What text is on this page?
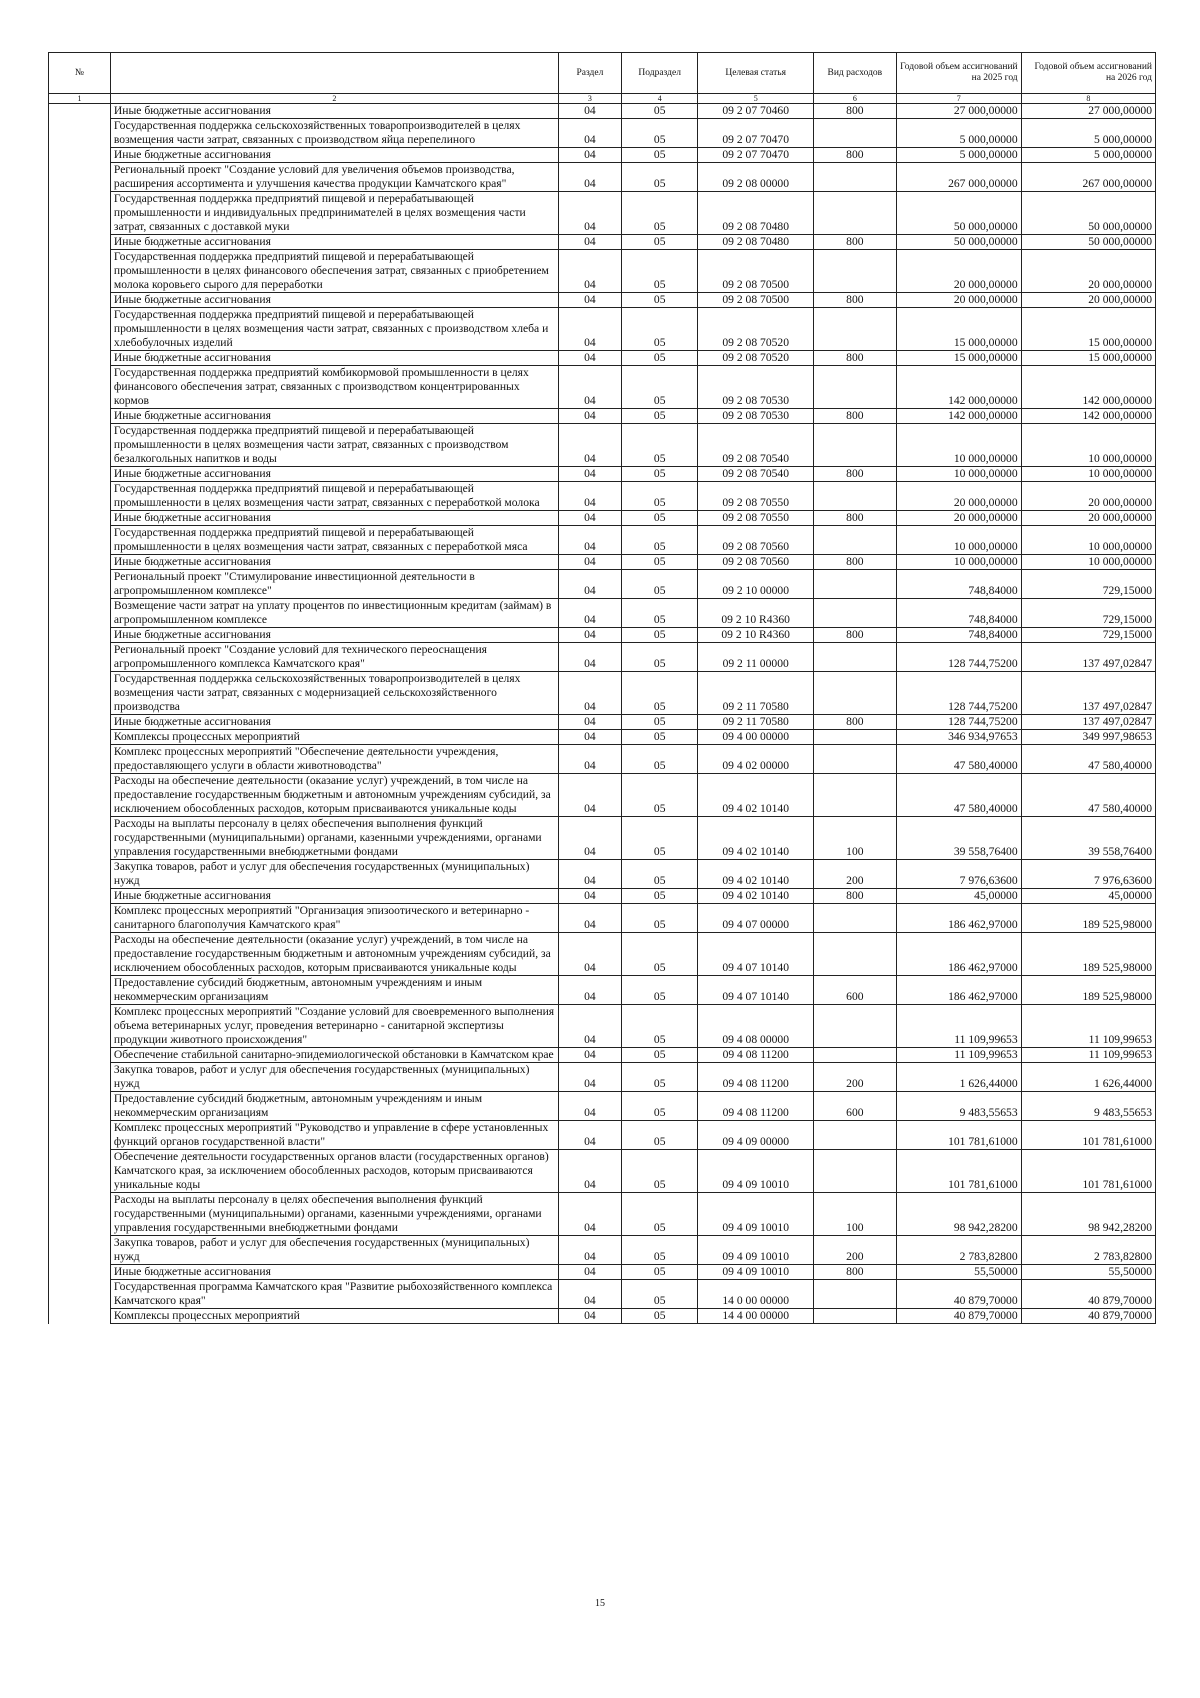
№		Раздел	Подраздел	Целевая статья	Вид расходов	Годовой объем ассигнований на 2025 год	Годовой объем ассигнований на 2026 год
1	2	3	4	5	6	7	8
	Иные бюджетные ассигнования	04	05	09 2 07 70460	800	27 000,00000	27 000,00000
	Государственная поддержка сельскохозяйственных товаропроизводителей в целях возмещения части затрат, связанных с производством яйца перепелиного	04	05	09 2 07 70470		5 000,00000	5 000,00000
	Иные бюджетные ассигнования	04	05	09 2 07 70470	800	5 000,00000	5 000,00000
	Региональный проект "Создание условий для увеличения объемов производства, расширения ассортимента и улучшения качества продукции Камчатского края"	04	05	09 2 08 00000		267 000,00000	267 000,00000
	Государственная поддержка предприятий пищевой и перерабатывающей промышленности и индивидуальных предпринимателей в целях возмещения части затрат, связанных с доставкой муки	04	05	09 2 08 70480		50 000,00000	50 000,00000
	Иные бюджетные ассигнования	04	05	09 2 08 70480	800	50 000,00000	50 000,00000
	Государственная поддержка предприятий пищевой и перерабатывающей промышленности в целях финансового обеспечения затрат, связанных с приобретением молока коровьего сырого для переработки	04	05	09 2 08 70500		20 000,00000	20 000,00000
	Иные бюджетные ассигнования	04	05	09 2 08 70500	800	20 000,00000	20 000,00000
	Государственная поддержка предприятий пищевой и перерабатывающей промышленности в целях возмещения части затрат, связанных с производством хлеба и хлебобулочных изделий	04	05	09 2 08 70520		15 000,00000	15 000,00000
	Иные бюджетные ассигнования	04	05	09 2 08 70520	800	15 000,00000	15 000,00000
	Государственная поддержка предприятий комбикормовой промышленности в целях финансового обеспечения затрат, связанных с производством концентрированных кормов	04	05	09 2 08 70530		142 000,00000	142 000,00000
	Иные бюджетные ассигнования	04	05	09 2 08 70530	800	142 000,00000	142 000,00000
	Государственная поддержка предприятий пищевой и перерабатывающей промышленности в целях возмещения части затрат, связанных с производством безалкогольных напитков и воды	04	05	09 2 08 70540		10 000,00000	10 000,00000
	Иные бюджетные ассигнования	04	05	09 2 08 70540	800	10 000,00000	10 000,00000
	Государственная поддержка предприятий пищевой и перерабатывающей промышленности в целях возмещения части затрат, связанных с переработкой молока	04	05	09 2 08 70550		20 000,00000	20 000,00000
	Иные бюджетные ассигнования	04	05	09 2 08 70550	800	20 000,00000	20 000,00000
	Государственная поддержка предприятий пищевой и перерабатывающей промышленности в целях возмещения части затрат, связанных с переработкой мяса	04	05	09 2 08 70560		10 000,00000	10 000,00000
	Иные бюджетные ассигнования	04	05	09 2 08 70560	800	10 000,00000	10 000,00000
	Региональный проект "Стимулирование инвестиционной деятельности в агропромышленном комплексе"	04	05	09 2 10 00000		748,84000	729,15000
	Возмещение части затрат на уплату процентов по инвестиционным кредитам (займам) в агропромышленном комплексе	04	05	09 2 10 R4360		748,84000	729,15000
	Иные бюджетные ассигнования	04	05	09 2 10 R4360	800	748,84000	729,15000
	Региональный проект "Создание условий для технического переоснащения агропромышленного комплекса Камчатского края"	04	05	09 2 11 00000		128 744,75200	137 497,02847
	Государственная поддержка сельскохозяйственных товаропроизводителей в целях возмещения части затрат, связанных с модернизацией сельскохозяйственного производства	04	05	09 2 11 70580		128 744,75200	137 497,02847
	Иные бюджетные ассигнования	04	05	09 2 11 70580	800	128 744,75200	137 497,02847
	Комплексы процессных мероприятий	04	05	09 4 00 00000		346 934,97653	349 997,98653
	Комплекс процессных мероприятий "Обеспечение деятельности учреждения, предоставляющего услуги в области животноводства"	04	05	09 4 02 00000		47 580,40000	47 580,40000
	Расходы на обеспечение деятельности (оказание услуг) учреждений, в том числе на предоставление государственным бюджетным и автономным учреждениям субсидий, за исключением обособленных расходов, которым присваиваются уникальные коды	04	05	09 4 02 10140		47 580,40000	47 580,40000
	Расходы на выплаты персоналу в целях обеспечения выполнения функций государственными (муниципальными) органами, казенными учреждениями, органами управления государственными внебюджетными фондами	04	05	09 4 02 10140	100	39 558,76400	39 558,76400
	Закупка товаров, работ и услуг для обеспечения государственных (муниципальных) нужд	04	05	09 4 02 10140	200	7 976,63600	7 976,63600
	Иные бюджетные ассигнования	04	05	09 4 02 10140	800	45,00000	45,00000
	Комплекс процессных мероприятий "Организация эпизоотического и ветеринарно - санитарного благополучия Камчатского края"	04	05	09 4 07 00000		186 462,97000	189 525,98000
	Расходы на обеспечение деятельности (оказание услуг) учреждений, в том числе на предоставление государственным бюджетным и автономным учреждениям субсидий, за исключением обособленных расходов, которым присваиваются уникальные коды	04	05	09 4 07 10140		186 462,97000	189 525,98000
	Предоставление субсидий бюджетным, автономным учреждениям и иным некоммерческим организациям	04	05	09 4 07 10140	600	186 462,97000	189 525,98000
	Комплекс процессных мероприятий "Создание условий для своевременного выполнения объема ветеринарных услуг, проведения ветеринарно - санитарной экспертизы продукции животного происхождения"	04	05	09 4 08 00000		11 109,99653	11 109,99653
	Обеспечение стабильной санитарно-эпидемиологической обстановки в Камчатском крае	04	05	09 4 08 11200		11 109,99653	11 109,99653
	Закупка товаров, работ и услуг для обеспечения государственных (муниципальных) нужд	04	05	09 4 08 11200	200	1 626,44000	1 626,44000
	Предоставление субсидий бюджетным, автономным учреждениям и иным некоммерческим организациям	04	05	09 4 08 11200	600	9 483,55653	9 483,55653
	Комплекс процессных мероприятий "Руководство и управление в сфере установленных функций органов государственной власти"	04	05	09 4 09 00000		101 781,61000	101 781,61000
	Обеспечение деятельности государственных органов власти (государственных органов) Камчатского края, за исключением обособленных расходов, которым присваиваются уникальные коды	04	05	09 4 09 10010		101 781,61000	101 781,61000
	Расходы на выплаты персоналу в целях обеспечения выполнения функций государственными (муниципальными) органами, казенными учреждениями, органами управления государственными внебюджетными фондами	04	05	09 4 09 10010	100	98 942,28200	98 942,28200
	Закупка товаров, работ и услуг для обеспечения государственных (муниципальных) нужд	04	05	09 4 09 10010	200	2 783,82800	2 783,82800
	Иные бюджетные ассигнования	04	05	09 4 09 10010	800	55,50000	55,50000
	Государственная программа Камчатского края "Развитие рыбохозяйственного комплекса Камчатского края"	04	05	14 0 00 00000		40 879,70000	40 879,70000
	Комплексы процессных мероприятий	04	05	14 4 00 00000		40 879,70000	40 879,70000
15
